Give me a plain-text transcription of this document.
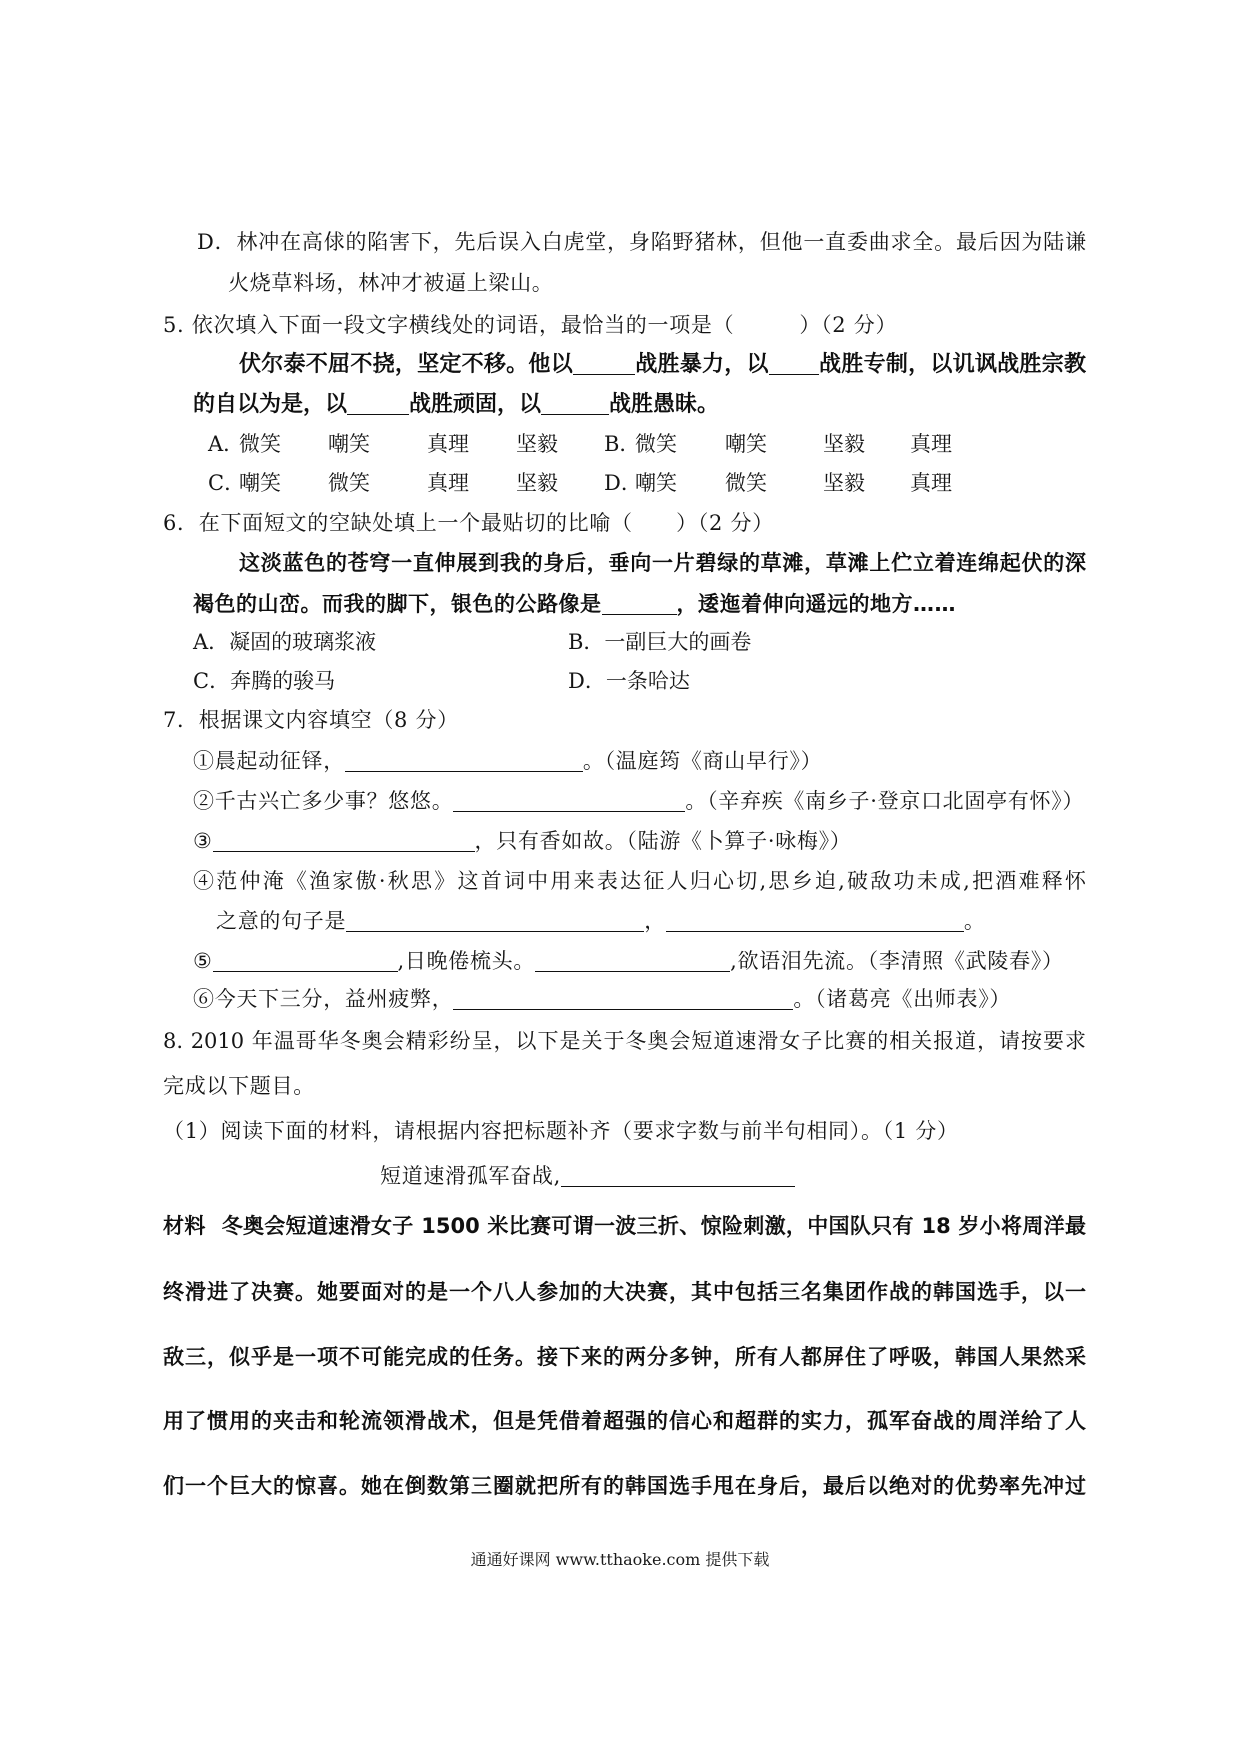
D．林冲在高俅的陷害下，先后误入白虎堂，身陷野猪林，但他一直委曲求全。最后因为陆谦
火烧草料场，林冲才被逼上梁山。
5. 依次填入下面一段文字横线处的词语，最恰当的一项是（　　　）（2 分）
伏尔泰不屈不挠，坚定不移。他以	战胜暴力，以 战胜专制，以讥讽战胜宗教
的自以为是，以	战胜顽固，以	战胜愚昧。
A．
微笑 嘲笑	真理 坚毅 B．
微笑 嘲笑	坚毅 真理
C．
嘲笑 微笑	真理 坚毅 D．
嘲笑 微笑	坚毅 真理
6．在下面短文的空缺处填上一个最贴切的比喻（　　）（2 分）
这淡蓝色的苍穹一直伸展到我的身后，垂向一片碧绿的草滩，草滩上伫立着连绵起伏的深
褐色的山峦。而我的脚下，银色的公路像是	，逶迤着伸向遥远的地方……
A．凝固的玻璃浆液	B．一副巨大的画卷
C．奔腾的骏马	D．一条哈达
7．根据课文内容填空（8 分）
①晨起动征铎，	。（温庭筠《商山早行》）
②千古兴亡多少事？悠悠。	。（辛弃疾《南乡子·登京口北固亭有怀》）
③	，只有香如故。（陆游《卜算子·咏梅》）
④范仲淹《渔家傲·秋思》这首词中用来表达征人归心切,思乡迫,破敌功未成,把酒难释怀
之意的句子是	，	。
⑤	,日晚倦梳头。	,欲语泪先流。（李清照《武陵春》）
⑥今天下三分，益州疲弊，	。（诸葛亮《出师表》）
8. 2010 年温哥华冬奥会精彩纷呈，以下是关于冬奥会短道速滑女子比赛的相关报道，请按要求
完成以下题目。
（1）阅读下面的材料，请根据内容把标题补齐（要求字数与前半句相同）。（1 分）
短道速滑孤军奋战,
材料 冬奥会短道速滑女子 1500 米比赛可谓一波三折、惊险刺激，中国队只有 18 岁小将周洋最
终滑进了决赛。她要面对的是一个八人参加的大决赛，其中包括三名集团作战的韩国选手，以一
敌三，似乎是一项不可能完成的任务。接下来的两分多钟，所有人都屏住了呼吸，韩国人果然采
用了惯用的夹击和轮流领滑战术，但是凭借着超强的信心和超群的实力，孤军奋战的周洋给了人
们一个巨大的惊喜。她在倒数第三圈就把所有的韩国选手甩在身后，最后以绝对的优势率先冲过
通通好课网 www.tthaoke.com 提供下载
